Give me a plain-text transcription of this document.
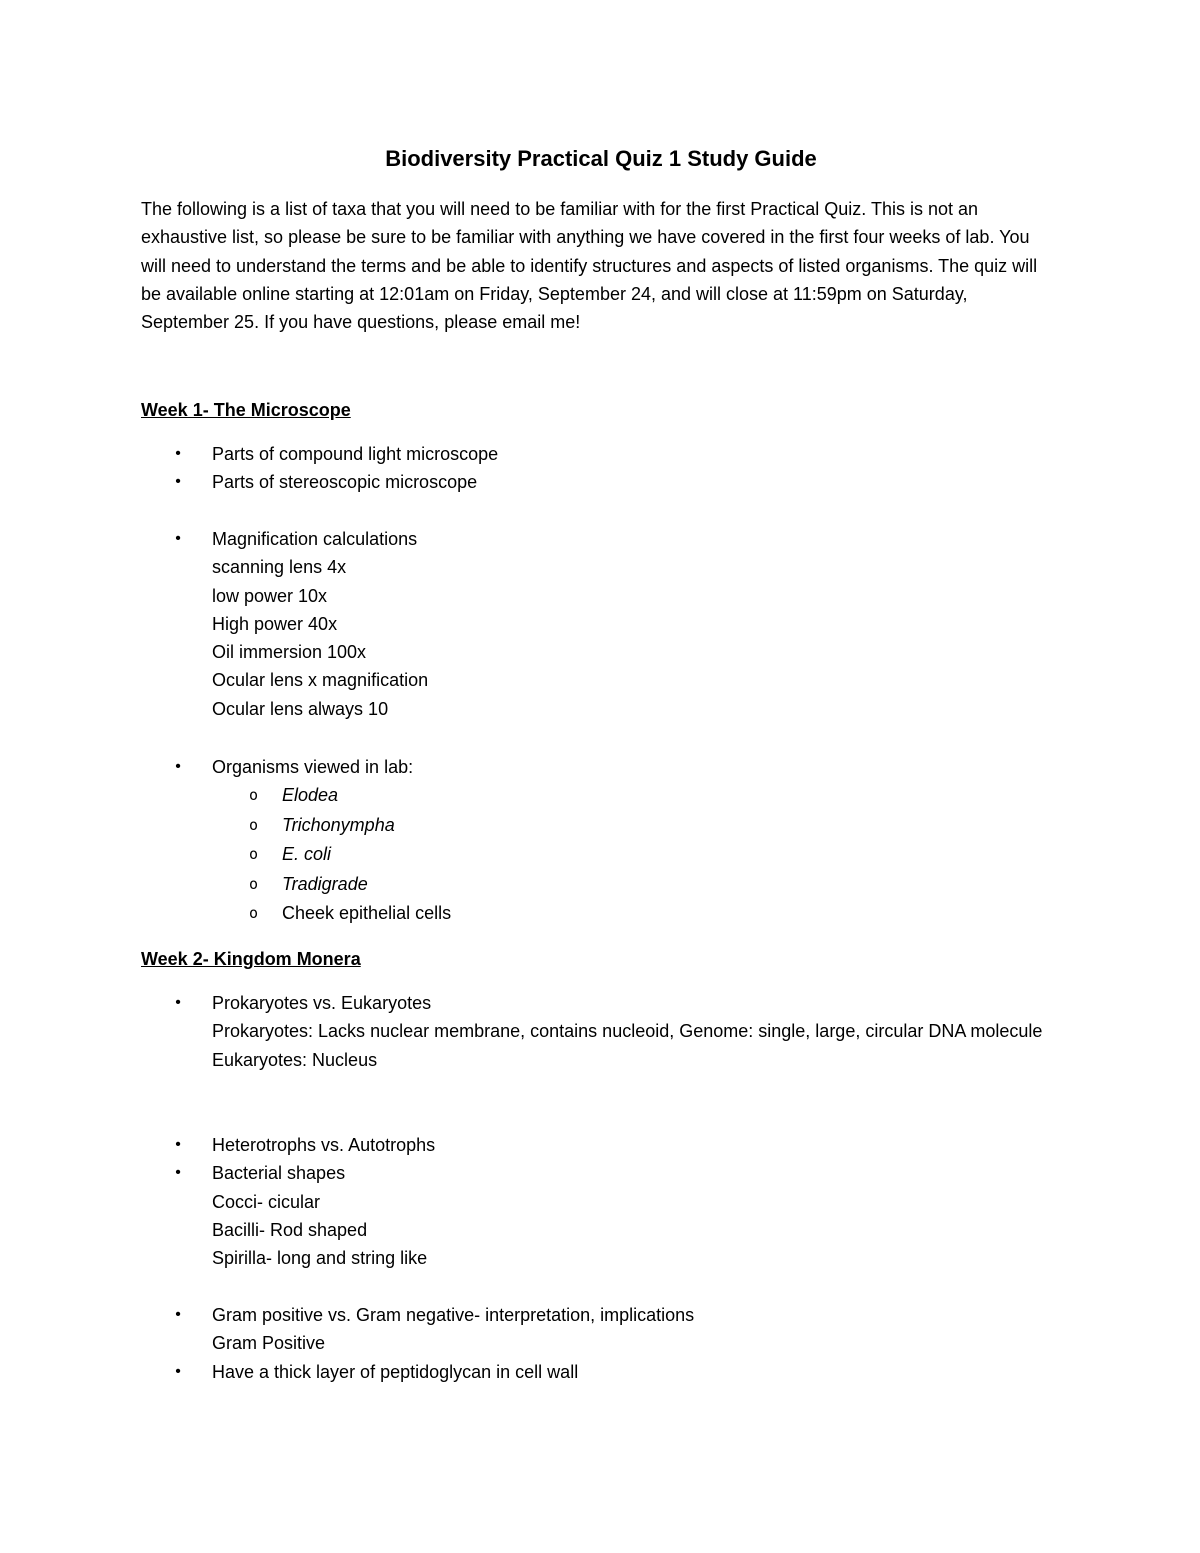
Biodiversity Practical Quiz 1 Study Guide

The following is a list of taxa that you will need to be familiar with for the first Practical Quiz. This is not an exhaustive list, so please be sure to be familiar with anything we have covered in the first four weeks of lab. You will need to understand the terms and be able to identify structures and aspects of listed organisms. The quiz will be available online starting at 12:01am on Friday, September 24, and will close at 11:59pm on Saturday, September 25. If you have questions, please email me!

Week 1- The Microscope

• Parts of compound light microscope
• Parts of stereoscopic microscope
• Magnification calculations
scanning lens 4x
low power 10x
High power 40x
Oil immersion 100x
Ocular lens x magnification
Ocular lens always 10
• Organisms viewed in lab:
o Elodea
o Trichonympha
o E. coli
o Tradigrade
o Cheek epithelial cells

Week 2- Kingdom Monera

• Prokaryotes vs. Eukaryotes
Prokaryotes: Lacks nuclear membrane, contains nucleoid, Genome: single, large, circular DNA molecule
Eukaryotes: Nucleus
• Heterotrophs vs. Autotrophs
• Bacterial shapes
Cocci- cicular
Bacilli- Rod shaped
Spirilla- long and string like
• Gram positive vs. Gram negative- interpretation, implications
Gram Positive
• Have a thick layer of peptidoglycan in cell wall
